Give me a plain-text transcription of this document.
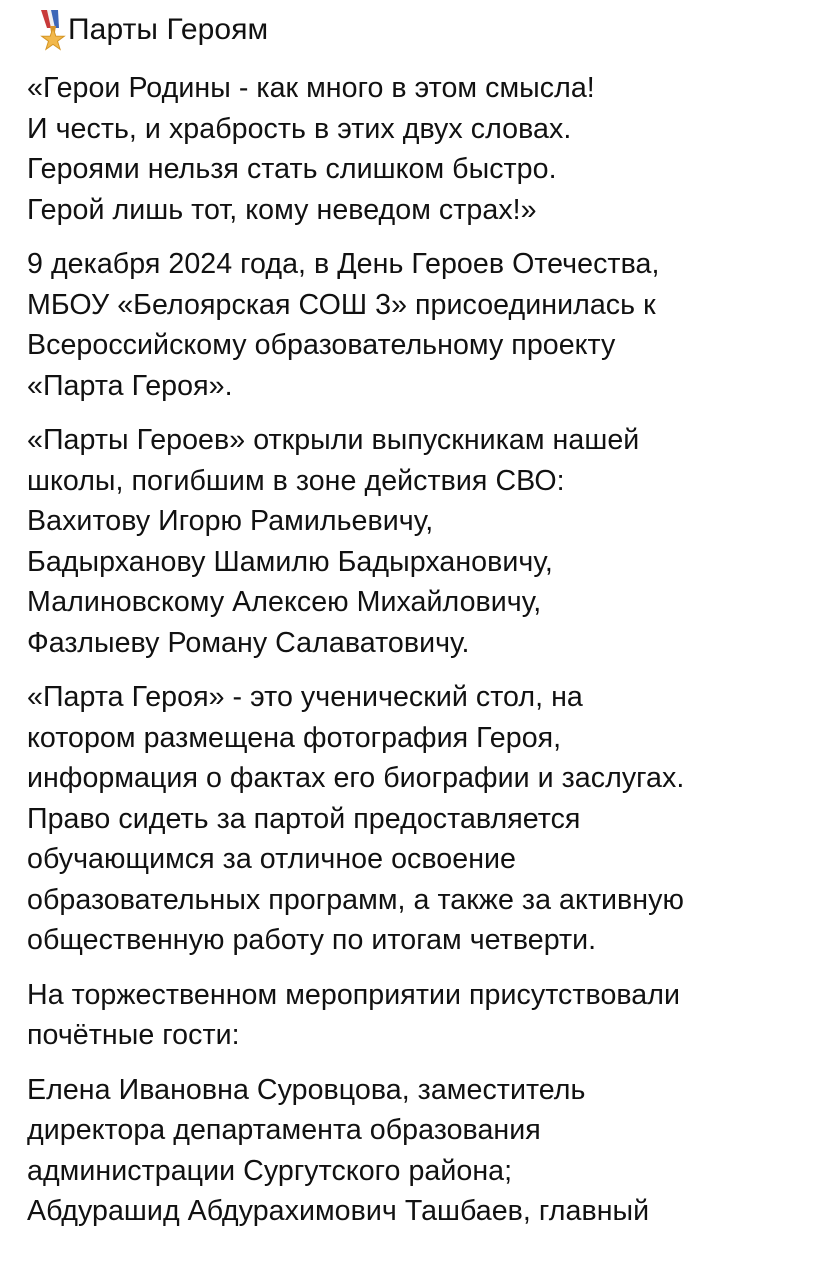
Парты Героям
«Герои Родины - как много в этом смысла!
И честь, и храбрость в этих двух словах.
Героями нельзя стать слишком быстро.
Герой лишь тот, кому неведом страх!»
9 декабря 2024 года, в День Героев Отечества,
МБОУ «Белоярская СОШ 3» присоединилась к
Всероссийскому образовательному проекту
«Парта Героя».
«Парты Героев» открыли выпускникам нашей
школы, погибшим в зоне действия СВО:
Вахитову Игорю Рамильевичу,
Бадырханову Шамилю Бадырхановичу,
Малиновскому Алексею Михайловичу,
Фазлыеву Роману Салаватовичу.
«Парта Героя» - это ученический стол, на
котором размещена фотография Героя,
информация о фактах его биографии и заслугах.
Право сидеть за партой предоставляется
обучающимся за отличное освоение
образовательных программ, а также за активную
общественную работу по итогам четверти.
На торжественном мероприятии присутствовали
почётные гости:
Елена Ивановна Суровцова, заместитель
директора департамента образования
администрации Сургутского района;
Абдурашид Абдурахимович Ташбаев, главный
